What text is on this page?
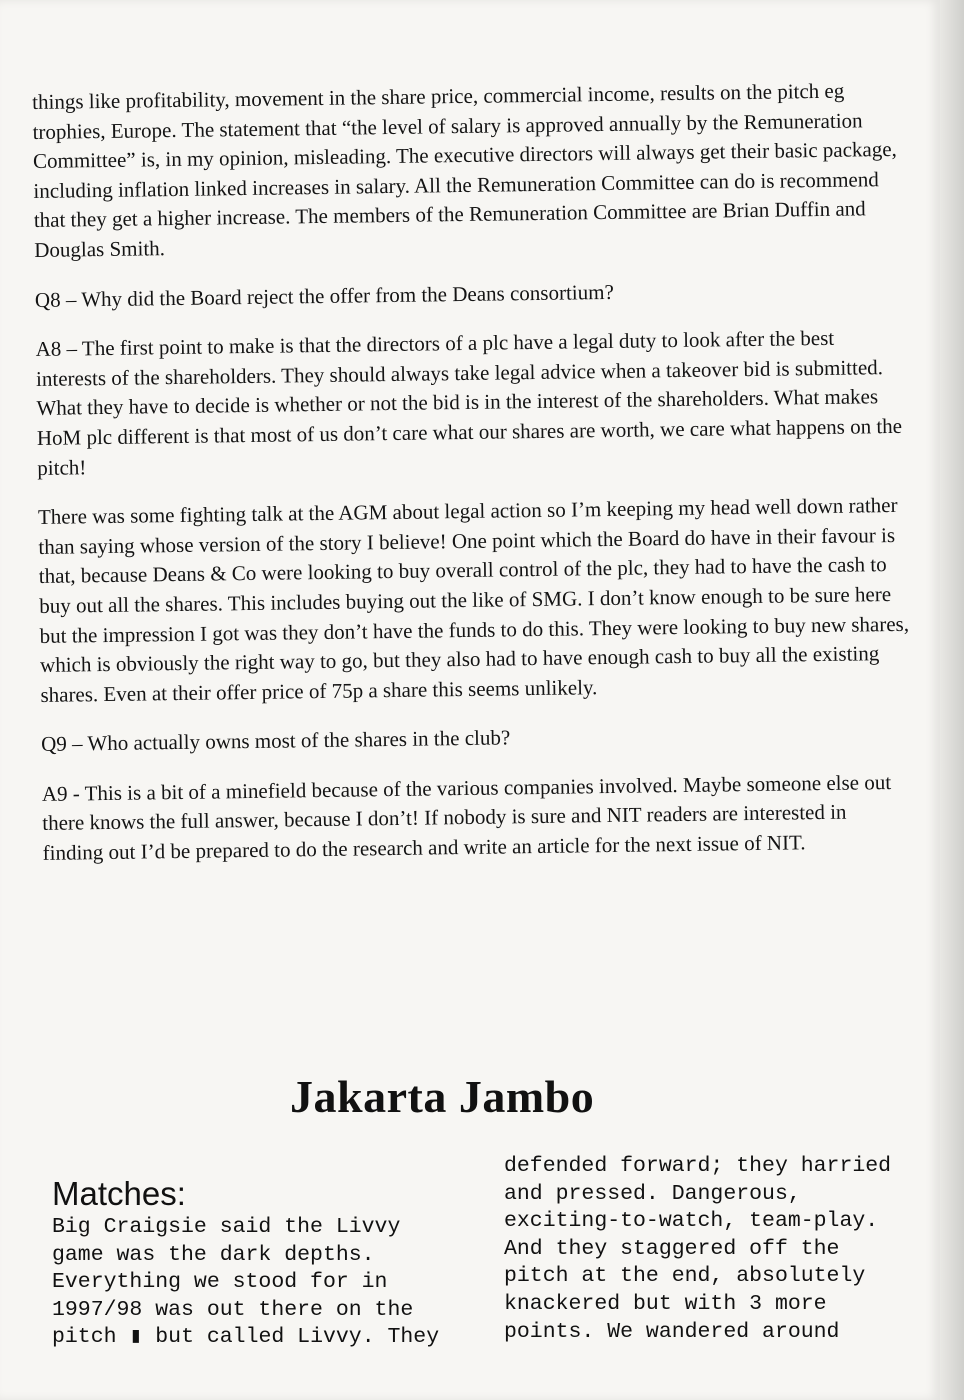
things like profitability, movement in the share price, commercial income, results on the pitch eg trophies, Europe. The statement that “the level of salary is approved annually by the Remuneration Committee” is, in my opinion, misleading. The executive directors will always get their basic package, including inflation linked increases in salary. All the Remuneration Committee can do is recommend that they get a higher increase. The members of the Remuneration Committee are Brian Duffin and Douglas Smith.

Q8 – Why did the Board reject the offer from the Deans consortium?

A8 – The first point to make is that the directors of a plc have a legal duty to look after the best interests of the shareholders. They should always take legal advice when a takeover bid is submitted. What they have to decide is whether or not the bid is in the interest of the shareholders. What makes HoM plc different is that most of us don’t care what our shares are worth, we care what happens on the pitch!

There was some fighting talk at the AGM about legal action so I’m keeping my head well down rather than saying whose version of the story I believe! One point which the Board do have in their favour is that, because Deans & Co were looking to buy overall control of the plc, they had to have the cash to buy out all the shares. This includes buying out the like of SMG. I don’t know enough to be sure here but the impression I got was they don’t have the funds to do this. They were looking to buy new shares, which is obviously the right way to go, but they also had to have enough cash to buy all the existing shares. Even at their offer price of 75p a share this seems unlikely.

Q9 – Who actually owns most of the shares in the club?

A9 - This is a bit of a minefield because of the various companies involved. Maybe someone else out there knows the full answer, because I don’t! If nobody is sure and NIT readers are interested in finding out I’d be prepared to do the research and write an article for the next issue of NIT.

Jakarta Jambo
Matches:
Big Craigsie said the Livvy
game was the dark depths.
Everything we stood for in
1997/98 was out there on the
pitch ▮ but called Livvy. They
defended forward; they harried
and pressed. Dangerous,
exciting-to-watch, team-play.
And they staggered off the
pitch at the end, absolutely
knackered but with 3 more
points. We wandered around
